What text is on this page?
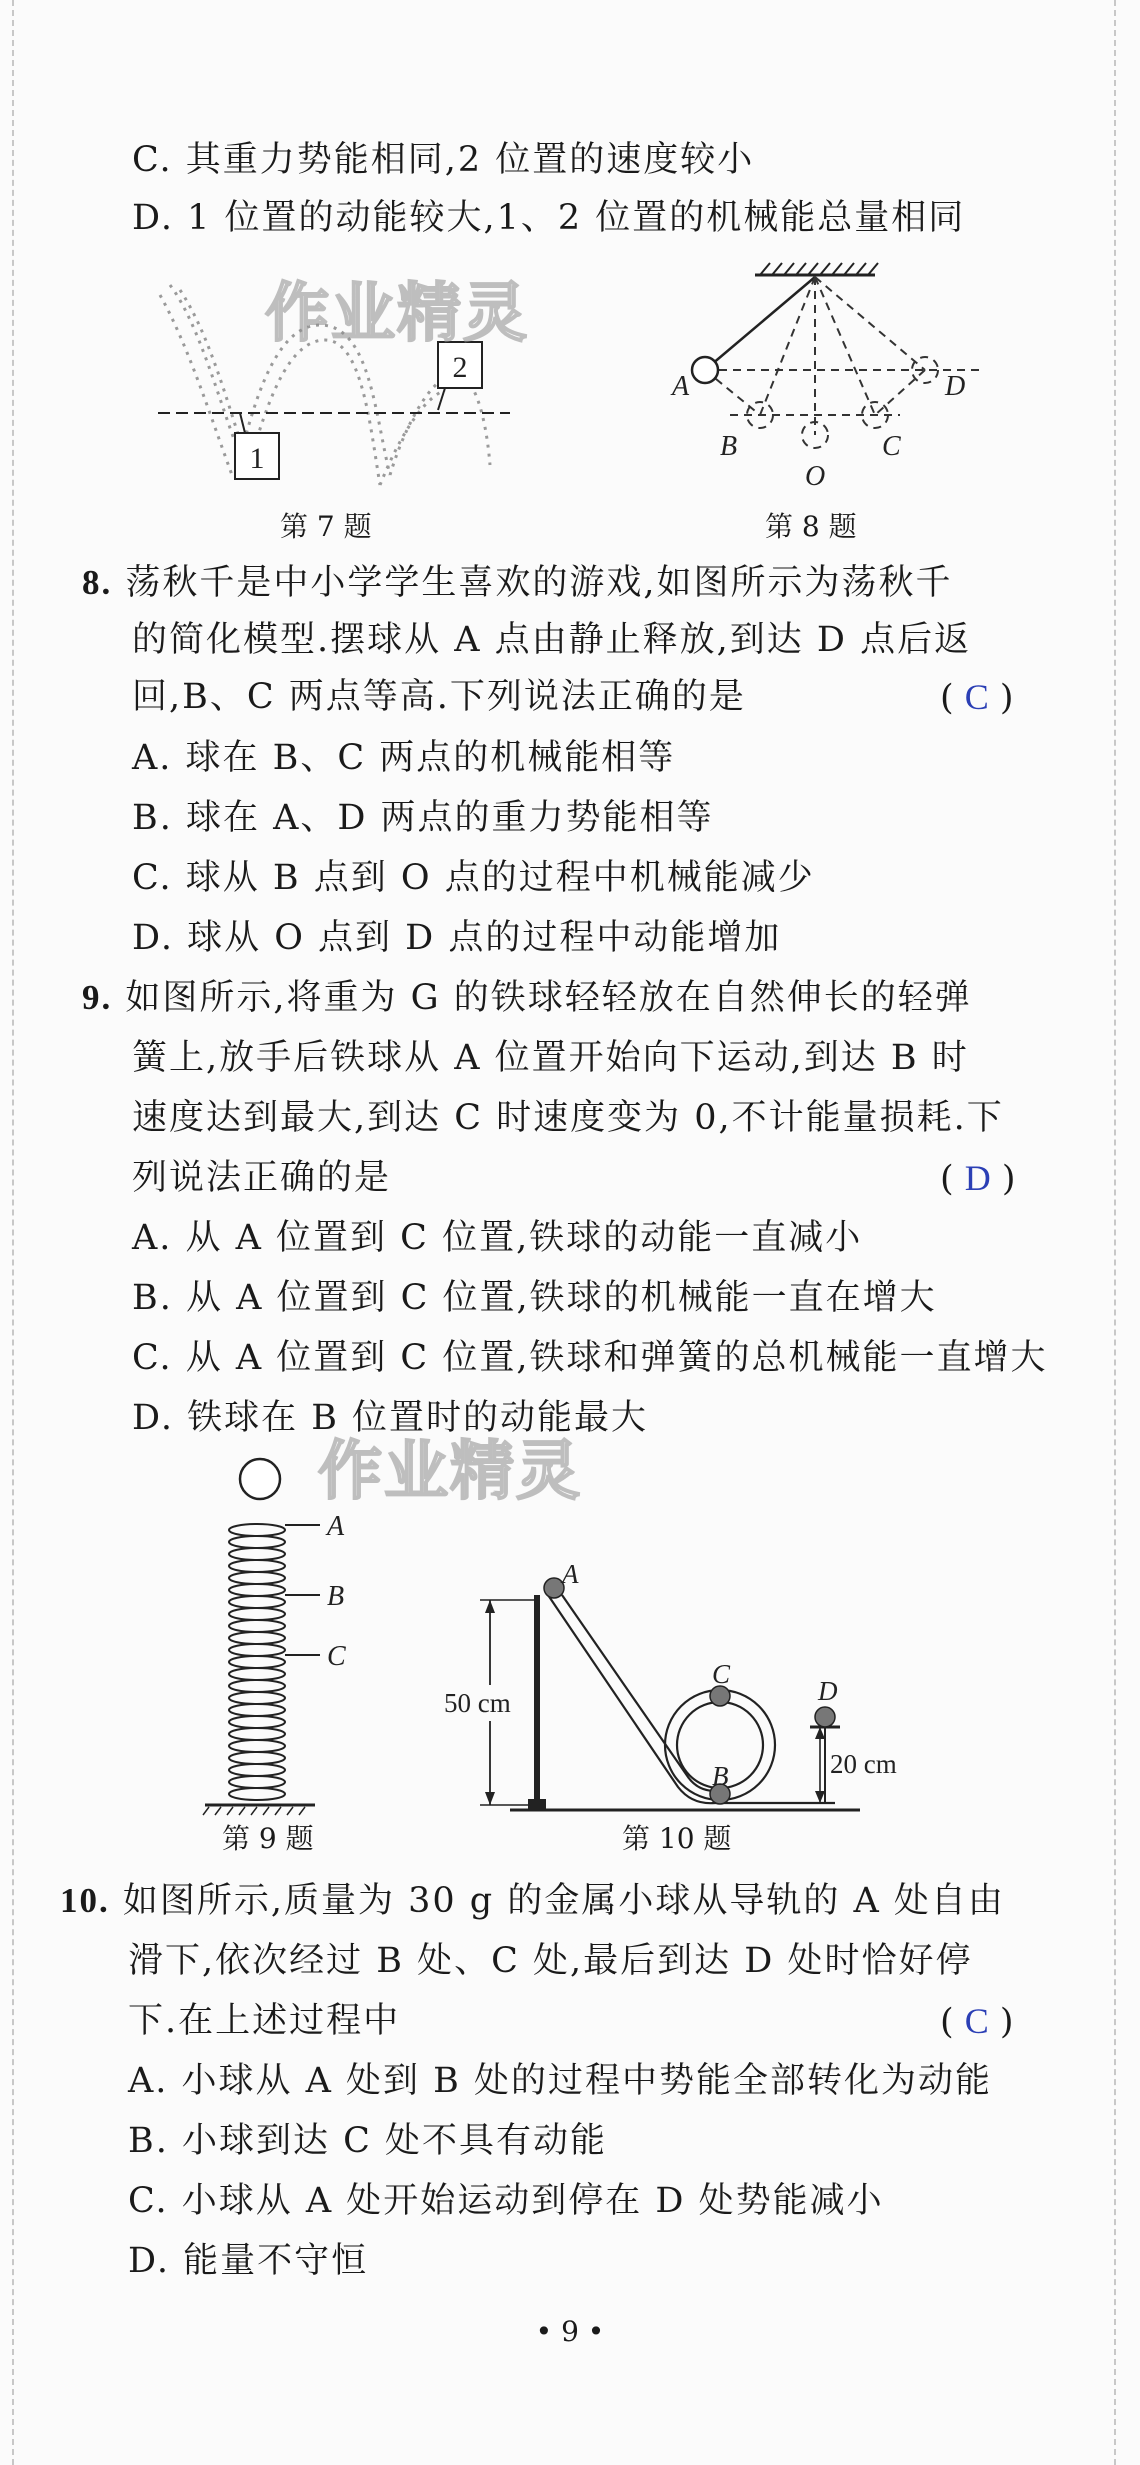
C. 其重力势能相同,2 位置的速度较小
D. 1 位置的动能较大,1、2 位置的机械能总量相同
1
2
第 7 题
A
B
O
C
D
第 8 题
作业精灵
8. 荡秋千是中小学学生喜欢的游戏,如图所示为荡秋千
的简化模型.摆球从 A 点由静止释放,到达 D 点后返
回,B、C 两点等高.下列说法正确的是	( C )
A. 球在 B、C 两点的机械能相等
B. 球在 A、D 两点的重力势能相等
C. 球从 B 点到 O 点的过程中机械能减少
D. 球从 O 点到 D 点的过程中动能增加
9. 如图所示,将重为 G 的铁球轻轻放在自然伸长的轻弹
簧上,放手后铁球从 A 位置开始向下运动,到达 B 时
速度达到最大,到达 C 时速度变为 0,不计能量损耗.下
列说法正确的是	( D )
A. 从 A 位置到 C 位置,铁球的动能一直减小
B. 从 A 位置到 C 位置,铁球的机械能一直在增大
C. 从 A 位置到 C 位置,铁球和弹簧的总机械能一直增大
D. 铁球在 B 位置时的动能最大
作业精灵
A
B
C
第 9 题
50 cm
A
C
B
D
20 cm
第 10 题
10. 如图所示,质量为 30 g 的金属小球从导轨的 A 处自由
滑下,依次经过 B 处、C 处,最后到达 D 处时恰好停
下.在上述过程中	( C )
A. 小球从 A 处到 B 处的过程中势能全部转化为动能
B. 小球到达 C 处不具有动能
C. 小球从 A 处开始运动到停在 D 处势能减小
D. 能量不守恒
• 9 •
